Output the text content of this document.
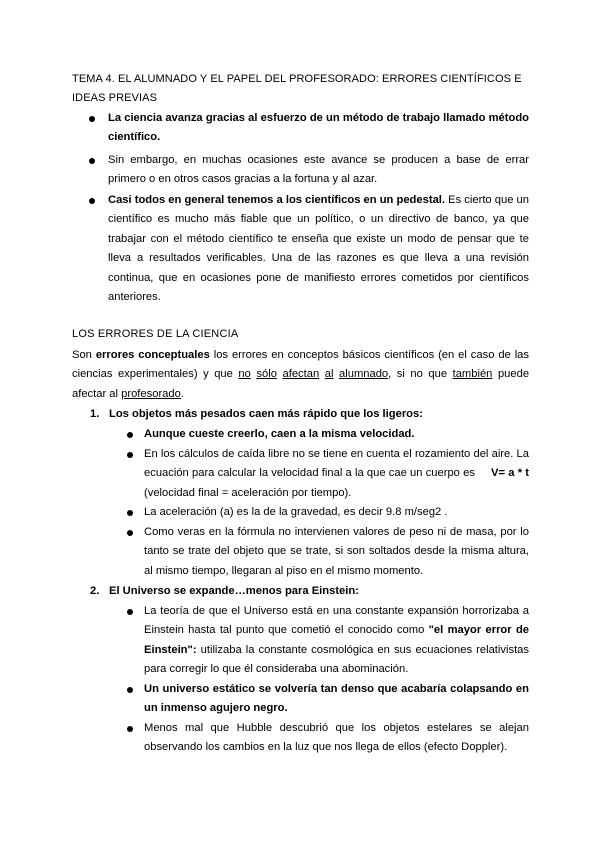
TEMA 4. EL ALUMNADO Y EL PAPEL DEL PROFESORADO: ERRORES CIENTÍFICOS E IDEAS PREVIAS
La ciencia avanza gracias al esfuerzo de un método de trabajo llamado método científico.
Sin embargo, en muchas ocasiones este avance se producen a base de errar primero o en otros casos gracias a la fortuna y al azar.
Casi todos en general tenemos a los científicos en un pedestal. Es cierto que un científico es mucho más fiable que un político, o un directivo de banco, ya que trabajar con el método científico te enseña que existe un modo de pensar que te lleva a resultados verificables. Una de las razones es que lleva a una revisión continua, que en ocasiones pone de manifiesto errores cometidos por científicos anteriores.
LOS ERRORES DE LA CIENCIA
Son errores conceptuales los errores en conceptos básicos científicos (en el caso de las ciencias experimentales) y que no sólo afectan al alumnado, si no que también puede afectar al profesorado.
1. Los objetos más pesados caen más rápido que los ligeros:
Aunque cueste creerlo, caen a la misma velocidad.
En los cálculos de caída libre no se tiene en cuenta el rozamiento del aire. La ecuación para calcular la velocidad final a la que cae un cuerpo es V= a * t (velocidad final = aceleración por tiempo).
La aceleración (a) es la de la gravedad, es decir 9.8 m/seg2 .
Como veras en la fórmula no intervienen valores de peso ni de masa, por lo tanto se trate del objeto que se trate, si son soltados desde la misma altura, al mismo tiempo, llegaran al piso en el mismo momento.
2. El Universo se expande…menos para Einstein:
La teoría de que el Universo está en una constante expansión horrorizaba a Einstein hasta tal punto que cometió el conocido como "el mayor error de Einstein": utilizaba la constante cosmológica en sus ecuaciones relativistas para corregir lo que él consideraba una abominación.
Un universo estático se volvería tan denso que acabaría colapsando en un inmenso agujero negro.
Menos mal que Hubble descubrió que los objetos estelares se alejan observando los cambios en la luz que nos llega de ellos (efecto Doppler).
